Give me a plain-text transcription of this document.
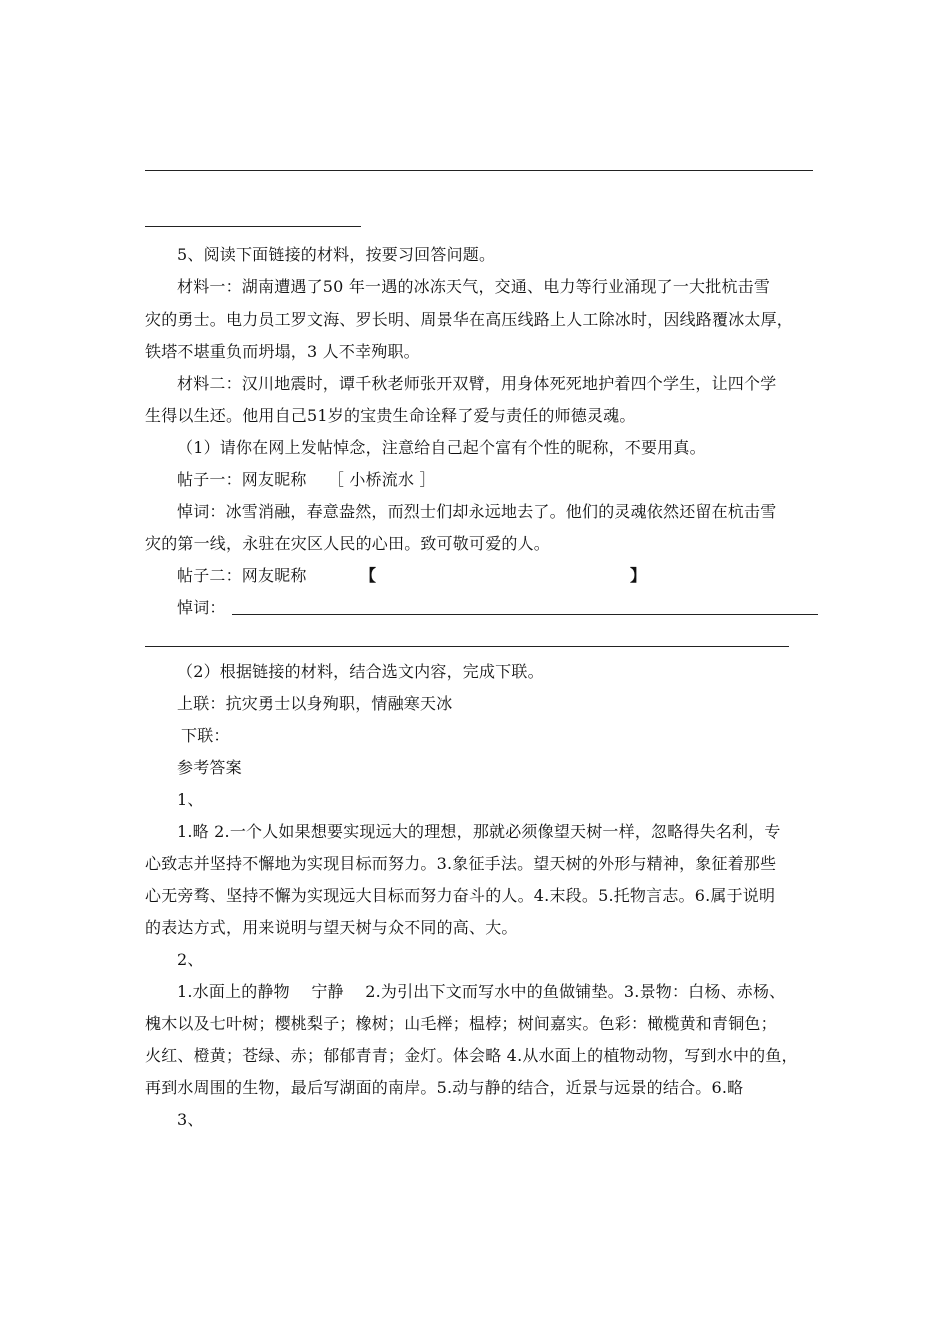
5、阅读下面链接的材料，按要习回答问题。
材料一：湖南遭遇了50 年一遇的冰冻天气，交通、电力等行业涌现了一大批杭击雪
灾的勇士。电力员工罗文海、罗长明、周景华在高压线路上人工除冰时，因线路覆冰太厚，
铁塔不堪重负而坍塌，3 人不幸殉职。
材料二：汉川地震时，谭千秋老师张开双臂，用身体死死地护着四个学生，让四个学
生得以生还。他用自己51岁的宝贵生命诠释了爱与责任的师德灵魂。
（1）请你在网上发帖悼念，注意给自己起个富有个性的昵称，不要用真。
帖子一：网友昵称 ［ 小桥流水 ］
悼词：冰雪消融，春意盎然，而烈士们却永远地去了。他们的灵魂依然还留在杭击雪
灾的第一线，永驻在灾区人民的心田。致可敬可爱的人。
帖子二：网友昵称	【	】
悼词：
（2）根据链接的材料，结合选文内容，完成下联。
上联：抗灾勇士以身殉职，情融寒天冰
下联：
参考答案
1、
1.略 2.一个人如果想要实现远大的理想，那就必须像望天树一样，忽略得失名利，专
心致志并坚持不懈地为实现目标而努力。3.象征手法。望天树的外形与精神，象征着那些
心无旁骛、坚持不懈为实现远大目标而努力奋斗的人。4.末段。5.托物言志。6.属于说明
的表达方式，用来说明与望天树与众不同的高、大。
2、
1.水面上的静物　 宁静　 2.为引出下文而写水中的鱼做铺垫。3.景物：白杨、赤杨、
槐木以及七叶树；樱桃梨子；橡树；山毛榉；榅桲；树间嘉实。色彩：橄榄黄和青铜色；
火红、橙黄；苍绿、赤；郁郁青青；金灯。体会略 4.从水面上的植物动物，写到水中的鱼，
再到水周围的生物，最后写湖面的南岸。5.动与静的结合，近景与远景的结合。6.略
3、
